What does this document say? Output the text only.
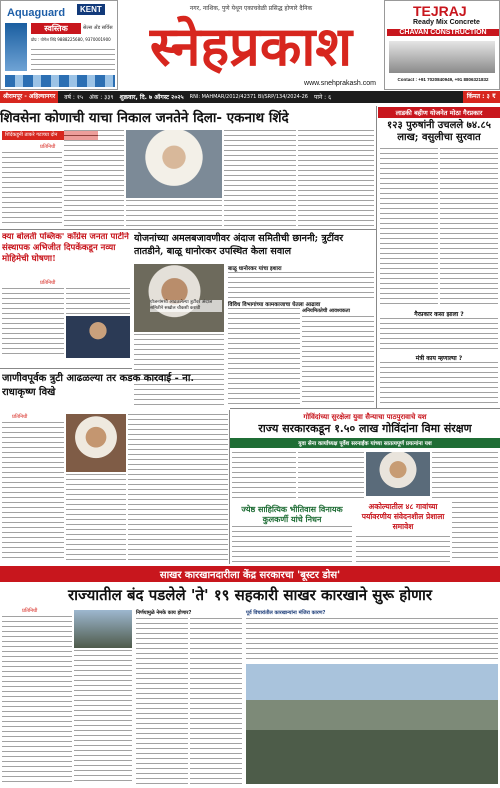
Aquaguard	KENT
स्वस्तिक	सेल्स अँड सर्विस
प्रोप्र : योगेश शिंदे 9888225680, 9370001900
नगर, नाशिक, पुणे येथून एकाचवेळी प्रसिद्ध होणारे दैनिक
स्नेहप्रकाश
www.snehprakash.com
TEJRAJ
Ready Mix Concrete
CHAVAN CONSTRUCTION
Contact : +91 7020840949, +91 8806321832
श्रीरामपूर - अहिल्यानगर	वर्ष : १५ अंक : ३३९ शुक्रवार, दि. ७ ऑगस्ट २०२५ RNI: MAHMAR/2012/42371 BI/SRP/134/2024-26 पाने : ६	किंमत : ३ ₹
शिवसेना कोणाची याचा निकाल जनतेने दिला- एकनाथ शिंदे
शिंदेंकडूनी ठाकरे गटाच्या दोन
प्रतिनिधी
लाडकी बहीण योजनेत मोठा गैरप्रकार
१२३ पुरुषांनी उचलले ७४.८५ लाख; वसुलीचा सुरवात
गैरप्रकार कसा झाला ?
मंत्री काय म्हणाल्या ?
क्या बोलती पब्लिक' काँग्रेस जनता पार्टीने संस्थापक अभिजीत दिपकेंकडून नव्या मोहिमेची घोषणा!
प्रतिनिधी
योजनांच्या अमलबजावणीवर अंदाज समितीची छाननी; त्रुटींवर तातडीने, बाळू धानोरकर उपस्थित केला सवाल
योजनांमध्ये आढळलेल्या त्रुटींवर अंदाज समितीने सखोल चौकशी करावी
बाळू धानोरकर यांचा इशारा
विविध विभागांच्या कामकाजाचा घेतला आढावा
अनियमिततेची आवश्यकता
जाणीवपूर्वक त्रुटी आढळल्या तर कडक कारवाई - ना. राधाकृष्ण विखे
प्रतिनिधी	गोविंदांच्या सुरक्षेला युवा सैन्याचा पाठपुरावाचे यश
राज्य सरकारकडून १.५० लाख गोविंदांना विमा संरक्षण
युवा सेना कार्याध्यक्ष पूर्वेश सरनाईक यांच्या सातत्यपूर्ण प्रयत्नांना यश
ज्येष्ठ साहित्यिक भीतिवास विनायक कुलकर्णी यांचे निधन
अकोल्यातील ४८ गावांच्या पर्यावरणीय संवेदनशील प्रेशाला समावेश
साखर कारखानदारीला केंद्र सरकारचा 'बूस्टर डोस'
राज्यातील बंद पडलेले 'ते' १९ सहकारी साखर कारखाने सुरू होणार
प्रतिनिधी	निर्णयामुळे नेमके काय होणार?	पूर्व विचारांतील कारखान्यांना मंजिरा कारण?
